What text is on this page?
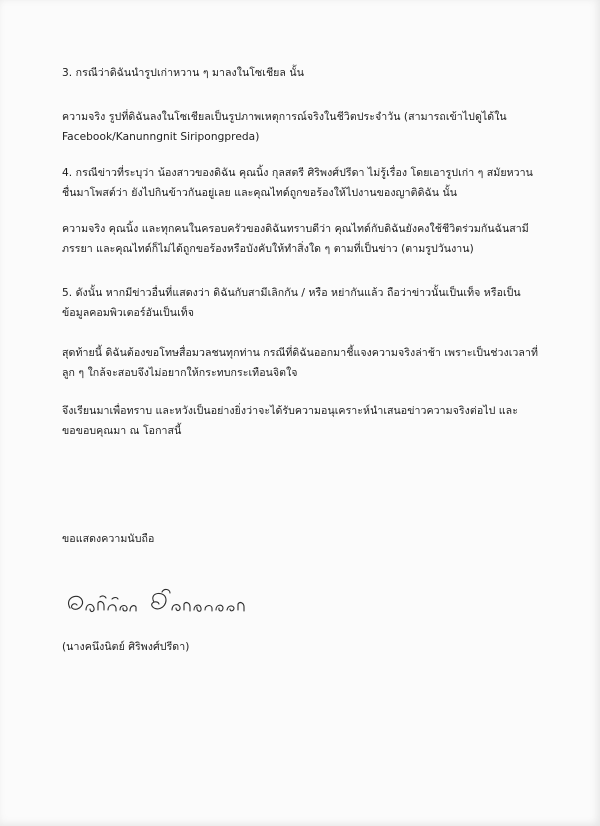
3. กรณีว่าดิฉันนำรูปเก่าหวาน ๆ มาลงในโซเชียล นั้น
ความจริง รูปที่ดิฉันลงในโซเชียลเป็นรูปภาพเหตุการณ์จริงในชีวิตประจำวัน (สามารถเข้าไปดูได้ใน
Facebook/Kanunngnit Siripongpreda)
4. กรณีข่าวที่ระบุว่า น้องสาวของดิฉัน คุณนิ้ง กุลสตรี ศิริพงศ์ปรีดา ไม่รู้เรื่อง โดยเอารูปเก่า ๆ สมัยหวาน
ชื่นมาโพสต์ว่า ยังไปกินข้าวกันอยู่เลย และคุณไทด์ถูกขอร้องให้ไปงานของญาติดิฉัน นั้น
ความจริง คุณนิ้ง และทุกคนในครอบครัวของดิฉันทราบดีว่า คุณไทด์กับดิฉันยังคงใช้ชีวิตร่วมกันฉันสามี
ภรรยา และคุณไทด์ก็ไม่ได้ถูกขอร้องหรือบังคับให้ทำสิ่งใด ๆ ตามที่เป็นข่าว (ตามรูปวันงาน)
5. ดังนั้น หากมีข่าวอื่นที่แสดงว่า ดิฉันกับสามีเลิกกัน / หรือ หย่ากันแล้ว ถือว่าข่าวนั้นเป็นเท็จ หรือเป็น
ข้อมูลคอมพิวเตอร์อันเป็นเท็จ
สุดท้ายนี้ ดิฉันต้องขอโทษสื่อมวลชนทุกท่าน กรณีที่ดิฉันออกมาชี้แจงความจริงล่าช้า เพราะเป็นช่วงเวลาที่
ลูก ๆ ใกล้จะสอบจึงไม่อยากให้กระทบกระเทือนจิตใจ
จึงเรียนมาเพื่อทราบ และหวังเป็นอย่างยิ่งว่าจะได้รับความอนุเคราะห์นำเสนอข่าวความจริงต่อไป และ
ขอขอบคุณมา ณ โอกาสนี้
ขอแสดงความนับถือ
(นางคนึงนิตย์ ศิริพงศ์ปรีดา)
